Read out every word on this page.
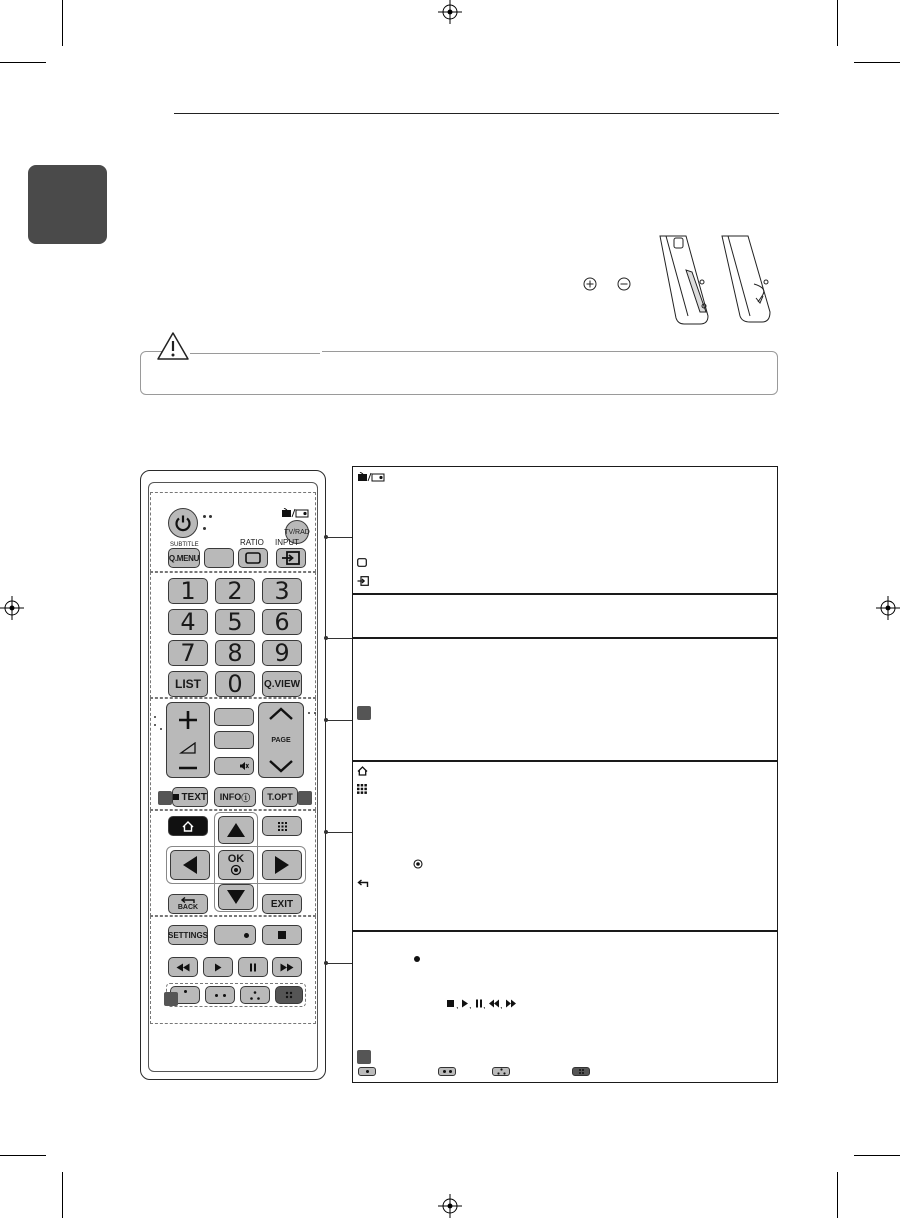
TV/RAD
SUBTITLE	RATIO INPUT
Q.MENU
1	2	3
4	5	6
7	8	9
LIST	0	Q.VIEW
PAGE
TEXT INFO ⓘ	T.OPT
OK
BACK	EXIT
SETTINGS
, , , ,
